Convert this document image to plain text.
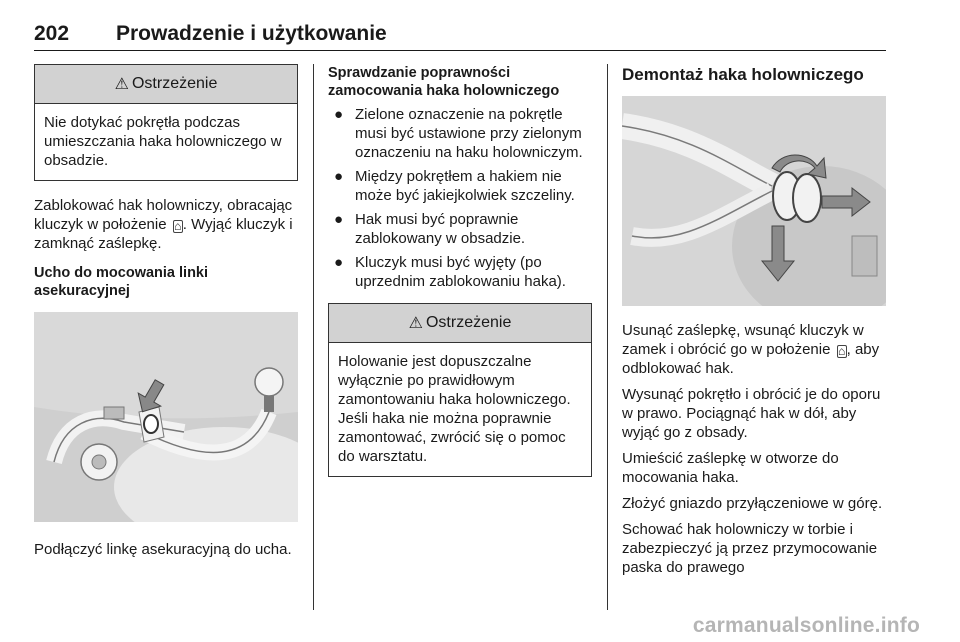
202 Prowadzenie i użytkowanie
⚠ Ostrzeżenie
Nie dotykać pokrętła podczas umieszczania haka holowniczego w obsadzie.

Zablokować hak holowniczy, obracając kluczyk w położenie ⌂. Wyjąć kluczyk i zamknąć zaślepkę.

Ucho do mocowania linki asekuracyjnej

Podłączyć linkę asekuracyjną do ucha.

Sprawdzanie poprawności zamocowania haka holowniczego

● Zielone oznaczenie na pokrętle musi być ustawione przy zielonym oznaczeniu na haku holowniczym.
● Między pokrętłem a hakiem nie może być jakiejkolwiek szczeliny.
● Hak musi być poprawnie zablokowany w obsadzie.
● Kluczyk musi być wyjęty (po uprzednim zablokowaniu haka).
⚠ Ostrzeżenie
Holowanie jest dopuszczalne wyłącznie po prawidłowym zamontowaniu haka holowniczego. Jeśli haka nie można poprawnie zamontować, zwrócić się o pomoc do warsztatu.
Demontaż haka holowniczego

Usunąć zaślepkę, wsunąć kluczyk w zamek i obrócić go w położenie ⌂, aby odblokować hak.

Wysunąć pokrętło i obrócić je do oporu w prawo. Pociągnąć hak w dół, aby wyjąć go z obsady.

Umieścić zaślepkę w otworze do mocowania haka.

Złożyć gniazdo przyłączeniowe w górę.

Schować hak holowniczy w torbie i zabezpieczyć ją przez przymocowanie paska do prawego

carmanualsonline.info
